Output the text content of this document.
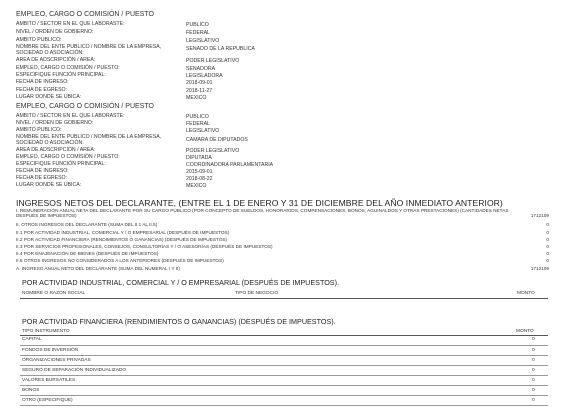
EMPLEO, CARGO O COMISIÓN / PUESTO
AMBITO / SECTOR EN EL QUE LABORASTE:	PUBLICO
NIVEL / ORDEN DE GOBIERNO:	FEDERAL
AMBITO PUBLICO:	LEGISLATIVO
NOMBRE DEL ENTE PUBLICO / NOMBRE DE LA EMPRESA, SOCIEDAD O ASOCIACIÓN:
SENADO DE LA REPUBLICA
AREA DE ADSCRIPCIÓN / AREA:	PODER LEGISLATIVO
EMPLEO, CARGO O COMISIÓN / PUESTO:	SENADORA
ESPECIFIQUE FUNCIÓN PRINCIPAL:	LEGISLADORA
FECHA DE INGRESO:	2018-09-01
FECHA DE EGRESO:	2018-11-27
LUGAR DONDE SE UBICA:	MEXICO
EMPLEO, CARGO O COMISIÓN / PUESTO
AMBITO / SECTOR EN EL QUE LABORASTE:	PUBLICO
NIVEL / ORDEN DE GOBIERNO:	FEDERAL
AMBITO PUBLICO:	LEGISLATIVO
NOMBRE DEL ENTE PUBLICO / NOMBRE DE LA EMPRESA, SOCIEDAD O ASOCIACIÓN:	CAMARA DE DIPUTADOS
AREA DE ADSCRIPCIÓN / AREA:	PODER LEGISLATIVO
EMPLEO, CARGO O COMISIÓN / PUESTO:	DIPUTADA
ESPECIFIQUE FUNCIÓN PRINCIPAL:	COORDINADORA PARLAMENTARIA
FECHA DE INGRESO:	2015-09-01
FECHA DE EGRESO:	2018-08-22
LUGAR DONDE SE UBICA:	MEXICO
INGRESOS NETOS DEL DECLARANTE, (ENTRE EL 1 DE ENERO Y 31 DE DICIEMBRE DEL AÑO INMEDIATO ANTERIOR)
I. REMUNERACIÓN ANUAL NETA DEL DECLARANTE POR SU CARGO PÚBLICO (POR CONCEPTO DE SUELDOS, HONORARIOS, COMPENSACIONES, BONOS, AGUINALDOS Y OTRAS PRESTACIONES) (CANTIDADES NETAS DESPUÉS DE IMPUESTOS)	1712109
II. OTROS INGRESOS DEL DECLARANTE (SUMA DEL II.1 AL II.5)	0
II.1 POR ACTIVIDAD INDUSTRIAL, COMERCIAL Y / O EMPRESARIAL (DESPUÉS DE IMPUESTOS)	0
II.2 POR ACTIVIDAD FINANCIERA (RENDIMIENTOS O GANANCIAS) (DESPUÉS DE IMPUESTOS)	0
II.3 POR SERVICIOS PROFESIONALES, CONSEJOS, CONSULTORÍAS Y / O ASESORÍAS (DESPUÉS DE IMPUESTOS)	0
II.4 POR ENAJENACIÓN DE BIENES (DESPUÉS DE IMPUESTOS)	0
II.5 OTROS INGRESOS NO CONSIDERADOS A LOS ANTERIORES (DESPUÉS DE IMPUESTOS)	0
A. INGRESO ANUAL NETO DEL DECLARANTE (SUMA DEL NUMERAL I Y II)	1712109
POR ACTIVIDAD INDUSTRIAL, COMERCIAL Y / O EMPRESARIAL (DESPUÉS DE IMPUESTOS).
NOMBRE O RAZÓN SOCIAL	TIPO DE NEGOCIO	MONTO
POR ACTIVIDAD FINANCIERA (RENDIMIENTOS O GANANCIAS) (DESPUÉS DE IMPUESTOS).
TIPO INSTRUMENTO	MONTO
CAPITAL	0
FONDOS DE INVERSIÓN	0
ORGANIZACIONES PRIVADAS	0
SEGURO DE SEPARACIÓN INDIVIDUALIZADO	0
VALORES BURSATILES	0
BONOS	0
OTRO (ESPECIFIQUE)	0
